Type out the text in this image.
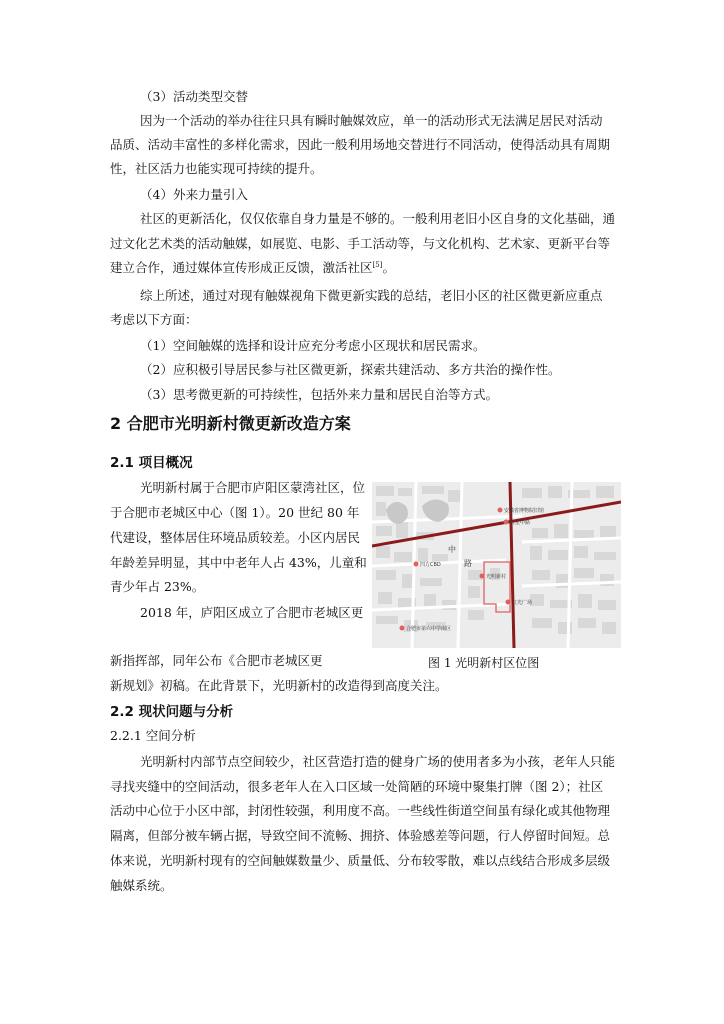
（3）活动类型交替
因为一个活动的举办往往只具有瞬时触媒效应，单一的活动形式无法满足居民对活动
品质、活动丰富性的多样化需求，因此一般利用场地交替进行不同活动，使得活动具有周期
性，社区活力也能实现可持续的提升。
（4）外来力量引入
社区的更新活化，仅仅依靠自身力量是不够的。一般利用老旧小区自身的文化基础，通
过文化艺术类的活动触媒，如展览、电影、手工活动等，与文化机构、艺术家、更新平台等
建立合作，通过媒体宣传形成正反馈，激活社区[5]。
综上所述，通过对现有触媒视角下微更新实践的总结，老旧小区的社区微更新应重点
考虑以下方面：
（1）空间触媒的选择和设计应充分考虑小区现状和居民需求。
（2）应积极引导居民参与社区微更新，探索共建活动、多方共治的操作性。
（3）思考微更新的可持续性，包括外来力量和居民自治等方式。
2 合肥市光明新村微更新改造方案
2.1 项目概况
光明新村属于合肥市庐阳区蒙湾社区，位
于合肥市老城区中心（图 1）。20 世纪 80 年
代建设，整体居住环境品质较差。小区内居民
年龄差异明显，其中中老年人占 43%，儿童和
青少年占 23%。
2018 年，庐阳区成立了合肥市老城区更
新指挥部，同年公布《合肥市老城区更
新规划》初稿。在此背景下，光明新村的改造得到高度关注。
安徽省博物院旧馆
红星中路
中
路
四方CBD
光明新村
红光广场
合肥市第六中学南区
图 1 光明新村区位图
2.2 现状问题与分析
2.2.1 空间分析
光明新村内部节点空间较少，社区营造打造的健身广场的使用者多为小孩，老年人只能
寻找夹缝中的空间活动，很多老年人在入口区域一处简陋的环境中聚集打牌（图 2）；社区
活动中心位于小区中部，封闭性较强，利用度不高。一些线性街道空间虽有绿化或其他物理
隔离，但部分被车辆占据，导致空间不流畅、拥挤、体验感差等问题，行人停留时间短。总
体来说，光明新村现有的空间触媒数量少、质量低、分布较零散，难以点线结合形成多层级
触媒系统。
